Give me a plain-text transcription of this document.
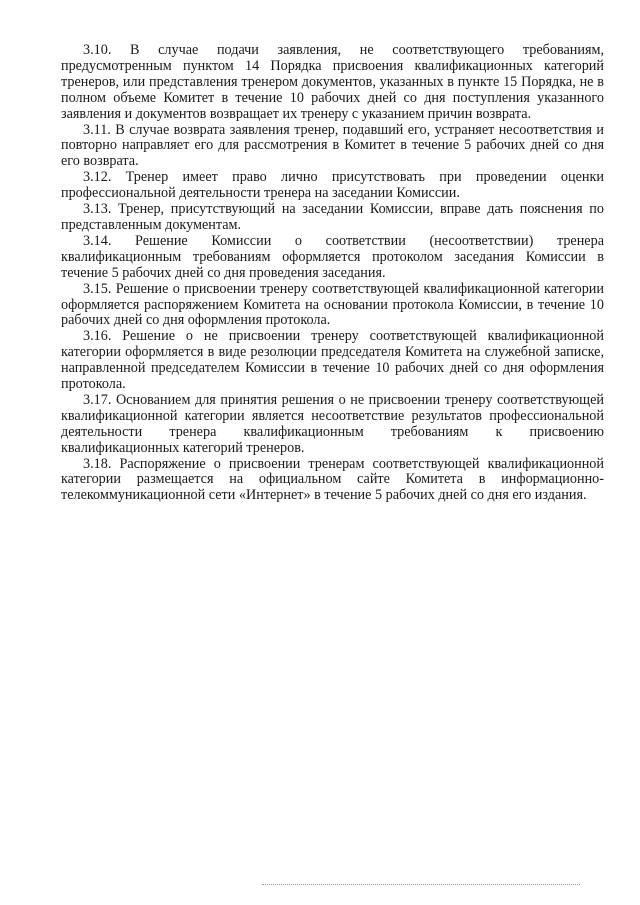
3.10. В случае подачи заявления, не соответствующего требованиям, предусмотренным пунктом 14 Порядка присвоения квалификационных категорий тренеров, или представления тренером документов, указанных в пункте 15 Порядка, не в полном объеме Комитет в течение 10 рабочих дней со дня поступления указанного заявления и документов возвращает их тренеру с указанием причин возврата.

3.11. В случае возврата заявления тренер, подавший его, устраняет несоответствия и повторно направляет его для рассмотрения в Комитет в течение 5 рабочих дней со дня его возврата.

3.12. Тренер имеет право лично присутствовать при проведении оценки профессиональной деятельности тренера на заседании Комиссии.

3.13. Тренер, присутствующий на заседании Комиссии, вправе дать пояснения по представленным документам.

3.14. Решение Комиссии о соответствии (несоответствии) тренера квалификационным требованиям оформляется протоколом заседания Комиссии в течение 5 рабочих дней со дня проведения заседания.

3.15. Решение о присвоении тренеру соответствующей квалификационной категории оформляется распоряжением Комитета на основании протокола Комиссии, в течение 10 рабочих дней со дня оформления протокола.

3.16. Решение о не присвоении тренеру соответствующей квалификационной категории оформляется в виде резолюции председателя Комитета на служебной записке, направленной председателем Комиссии в течение 10 рабочих дней со дня оформления протокола.

3.17. Основанием для принятия решения о не присвоении тренеру соответствующей квалификационной категории является несоответствие результатов профессиональной деятельности тренера квалификационным требованиям к присвоению квалификационных категорий тренеров.

3.18. Распоряжение о присвоении тренерам соответствующей квалификационной категории размещается на официальном сайте Комитета в информационно-телекоммуникационной сети «Интернет» в течение 5 рабочих дней со дня его издания.
